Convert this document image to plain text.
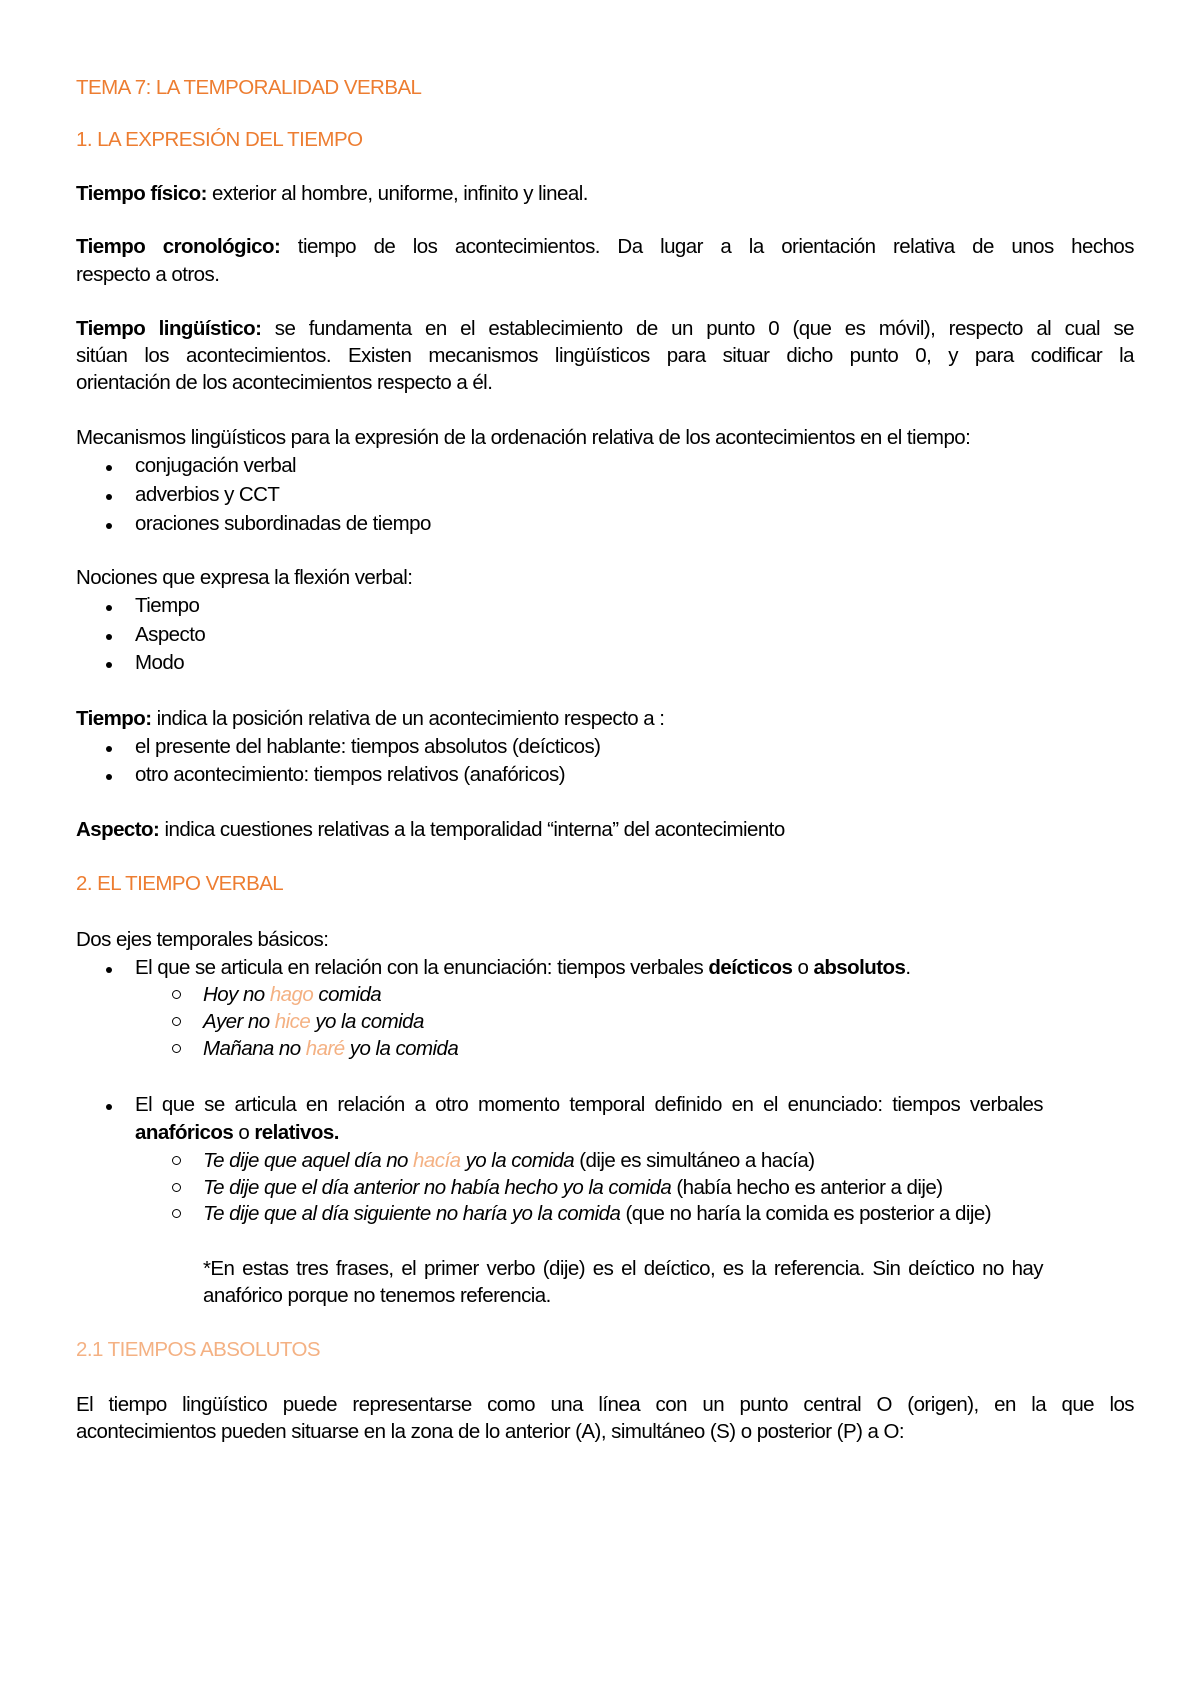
TEMA 7: LA TEMPORALIDAD VERBAL
1. LA EXPRESIÓN DEL TIEMPO
Tiempo físico: exterior al hombre, uniforme, infinito y lineal.
Tiempo cronológico: tiempo de los acontecimientos. Da lugar a la orientación relativa de unos hechos
respecto a otros.
Tiempo lingüístico: se fundamenta en el establecimiento de un punto 0 (que es móvil), respecto al cual se
sitúan los acontecimientos. Existen mecanismos lingüísticos para situar dicho punto 0, y para codificar la
orientación de los acontecimientos respecto a él.
Mecanismos lingüísticos para la expresión de la ordenación relativa de los acontecimientos en el tiempo:
conjugación verbal
adverbios y CCT
oraciones subordinadas de tiempo
Nociones que expresa la flexión verbal:
Tiempo
Aspecto
Modo
Tiempo: indica la posición relativa de un acontecimiento respecto a :
el presente del hablante: tiempos absolutos (deícticos)
otro acontecimiento: tiempos relativos (anafóricos)
Aspecto: indica cuestiones relativas a la temporalidad “interna” del acontecimiento
2. EL TIEMPO VERBAL
Dos ejes temporales básicos:
El que se articula en relación con la enunciación: tiempos verbales deícticos o absolutos.
Hoy no hago comida
Ayer no hice yo la comida
Mañana no haré yo la comida
El que se articula en relación a otro momento temporal definido en el enunciado: tiempos verbales
anafóricos o relativos.
Te dije que aquel día no hacía yo la comida (dije es simultáneo a hacía)
Te dije que el día anterior no había hecho yo la comida (había hecho es anterior a dije)
Te dije que al día siguiente no haría yo la comida (que no haría la comida es posterior a dije)
*En estas tres frases, el primer verbo (dije) es el deíctico, es la referencia. Sin deíctico no hay
anafórico porque no tenemos referencia.
2.1 TIEMPOS ABSOLUTOS
El tiempo lingüístico puede representarse como una línea con un punto central O (origen), en la que los
acontecimientos pueden situarse en la zona de lo anterior (A), simultáneo (S) o posterior (P) a O:
